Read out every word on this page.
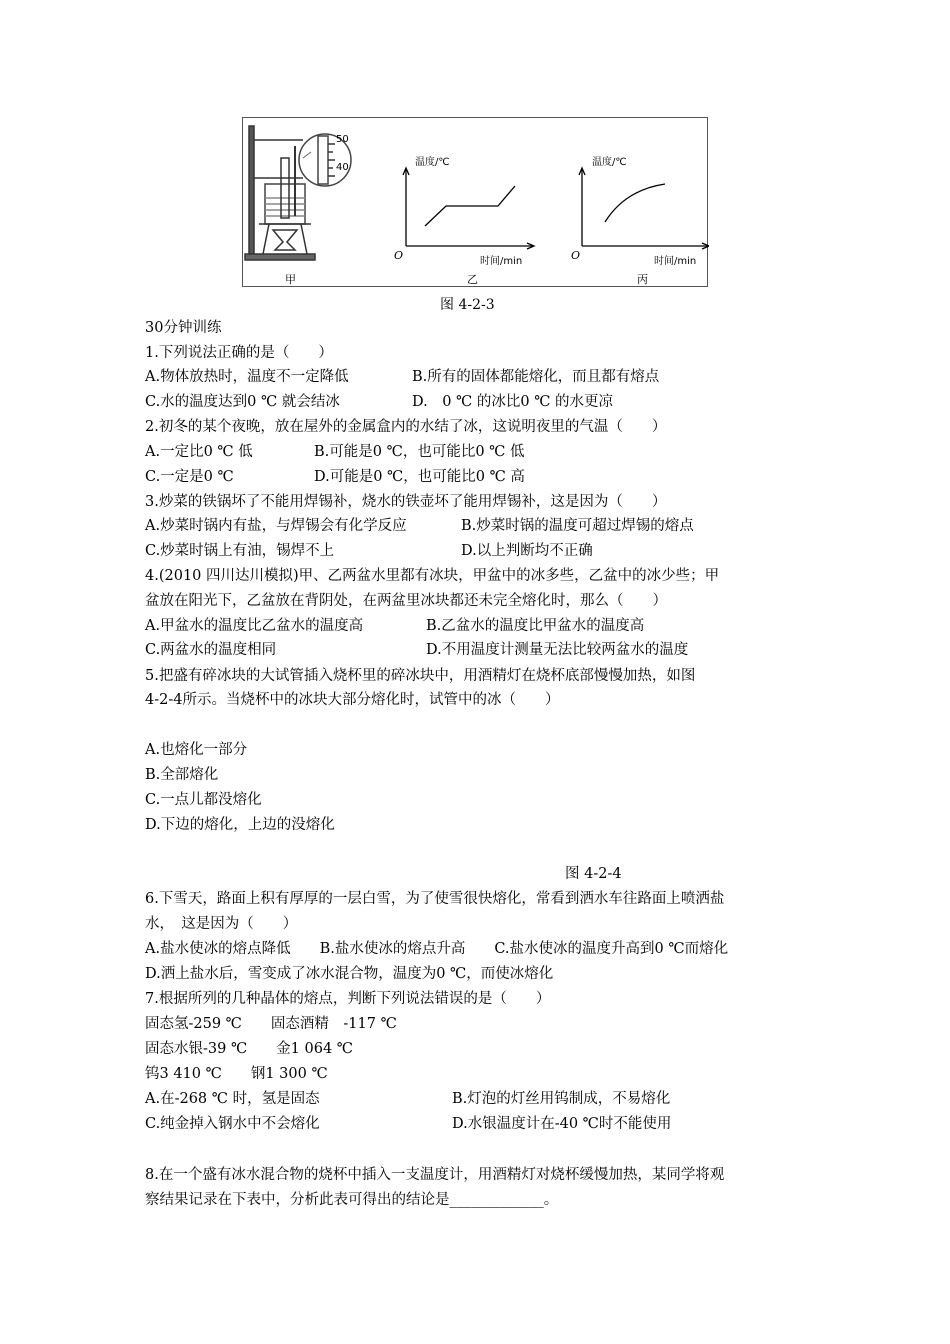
50
40	温度/℃
时间/min
O
乙
温度/℃
时间/min
O
丙
甲
图 4-2-3
30分钟训练
1.下列说法正确的是（　　）
A.物体放热时，温度不一定降低	B.所有的固体都能熔化，而且都有熔点
C.水的温度达到0 ℃ 就会结冰	D.　0 ℃ 的冰比0 ℃ 的水更凉
2.初冬的某个夜晚，放在屋外的金属盒内的水结了冰，这说明夜里的气温（　　）
A.一定比0 ℃ 低	B.可能是0 ℃，也可能比0 ℃ 低
C.一定是0 ℃	D.可能是0 ℃，也可能比0 ℃ 高
3.炒菜的铁锅坏了不能用焊锡补，烧水的铁壶坏了能用焊锡补，这是因为（　　）
A.炒菜时锅内有盐，与焊锡会有化学反应	B.炒菜时锅的温度可超过焊锡的熔点
C.炒菜时锅上有油，锡焊不上	D.以上判断均不正确
4.(2010 四川达川模拟)甲、乙两盆水里都有冰块，甲盆中的冰多些，乙盆中的冰少些；甲
盆放在阳光下，乙盆放在背阴处，在两盆里冰块都还未完全熔化时，那么（　　）
A.甲盆水的温度比乙盆水的温度高	B.乙盆水的温度比甲盆水的温度高
C.两盆水的温度相同	D.不用温度计测量无法比较两盆水的温度
5.把盛有碎冰块的大试管插入烧杯里的碎冰块中，用酒精灯在烧杯底部慢慢加热，如图
4-2-4所示。当烧杯中的冰块大部分熔化时，试管中的冰（　　）
A.也熔化一部分
B.全部熔化
C.一点儿都没熔化
D.下边的熔化，上边的没熔化
图 4-2-4
6.下雪天，路面上积有厚厚的一层白雪，为了使雪很快熔化，常看到洒水车往路面上喷洒盐
水，　这是因为（　　）
A.盐水使冰的熔点降低　　B.盐水使冰的熔点升高　　C.盐水使冰的温度升高到0 ℃而熔化
D.洒上盐水后，雪变成了冰水混合物，温度为0 ℃，而使冰熔化
7.根据所列的几种晶体的熔点，判断下列说法错误的是（　　）
固态氢-259 ℃　　固态酒精　-117 ℃
固态水银-39 ℃　　金1 064 ℃
钨3 410 ℃　　钢1 300 ℃
A.在-268 ℃ 时，氢是固态	B.灯泡的灯丝用钨制成，不易熔化
C.纯金掉入钢水中不会熔化	D.水银温度计在-40 ℃时不能使用
8.在一个盛有冰水混合物的烧杯中插入一支温度计，用酒精灯对烧杯缓慢加热，某同学将观
察结果记录在下表中，分析此表可得出的结论是_____________。
